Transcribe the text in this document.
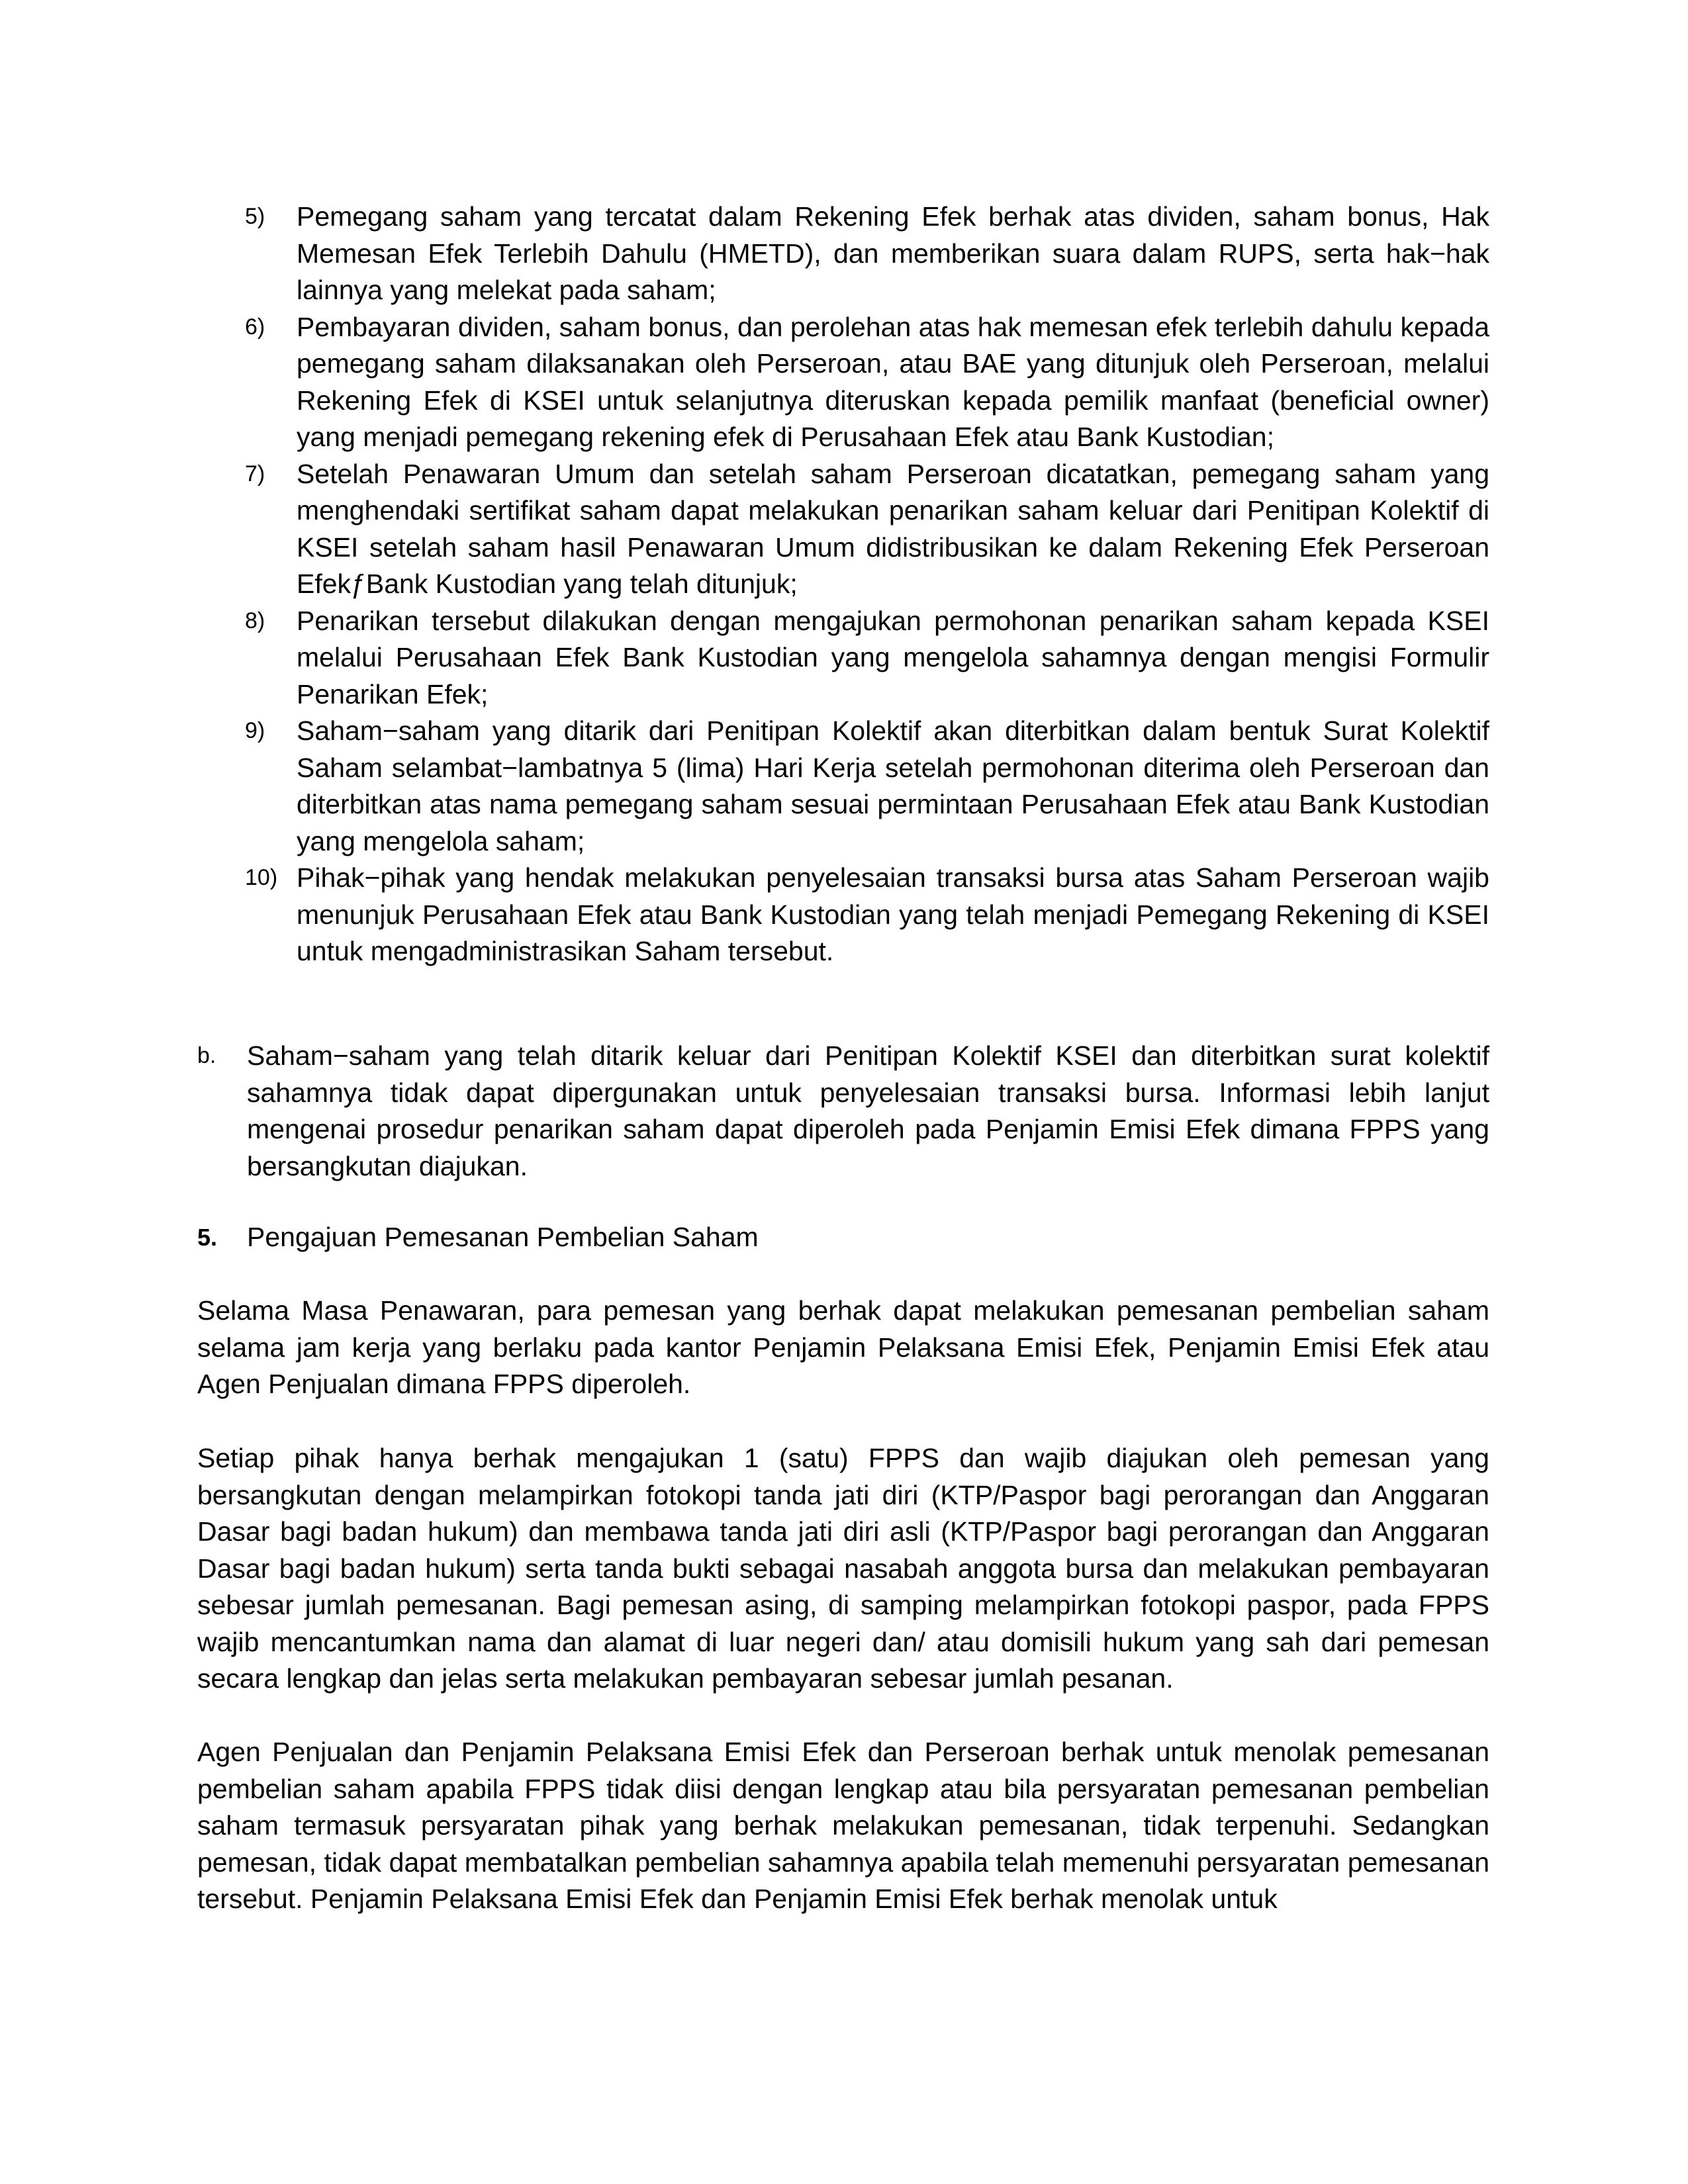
5) Pemegang saham yang tercatat dalam Rekening Efek berhak atas dividen, saham bonus, Hak Memesan Efek Terlebih Dahulu (HMETD), dan memberikan suara dalam RUPS, serta hak−hak lainnya yang melekat pada saham;
6) Pembayaran dividen, saham bonus, dan perolehan atas hak memesan efek terlebih dahulu kepada pemegang saham dilaksanakan oleh Perseroan, atau BAE yang ditunjuk oleh Perseroan, melalui Rekening Efek di KSEI untuk selanjutnya diteruskan kepada pemilik manfaat (beneficial owner) yang menjadi pemegang rekening efek di Perusahaan Efek atau Bank Kustodian;
7) Setelah Penawaran Umum dan setelah saham Perseroan dicatatkan, pemegang saham yang menghendaki sertifikat saham dapat melakukan penarikan saham keluar dari Penitipan Kolektif di KSEI setelah saham hasil Penawaran Umum didistribusikan ke dalam Rekening Efek Perseroan EfekƒBank Kustodian yang telah ditunjuk;
8) Penarikan tersebut dilakukan dengan mengajukan permohonan penarikan saham kepada KSEI melalui Perusahaan Efek Bank Kustodian yang mengelola sahamnya dengan mengisi Formulir Penarikan Efek;
9) Saham−saham yang ditarik dari Penitipan Kolektif akan diterbitkan dalam bentuk Surat Kolektif Saham selambat−lambatnya 5 (lima) Hari Kerja setelah permohonan diterima oleh Perseroan dan diterbitkan atas nama pemegang saham sesuai permintaan Perusahaan Efek atau Bank Kustodian yang mengelola saham;
10) Pihak−pihak yang hendak melakukan penyelesaian transaksi bursa atas Saham Perseroan wajib menunjuk Perusahaan Efek atau Bank Kustodian yang telah menjadi Pemegang Rekening di KSEI untuk mengadministrasikan Saham tersebut.
b. Saham−saham yang telah ditarik keluar dari Penitipan Kolektif KSEI dan diterbitkan surat kolektif sahamnya tidak dapat dipergunakan untuk penyelesaian transaksi bursa. Informasi lebih lanjut mengenai prosedur penarikan saham dapat diperoleh pada Penjamin Emisi Efek dimana FPPS yang bersangkutan diajukan.
5. Pengajuan Pemesanan Pembelian Saham
Selama Masa Penawaran, para pemesan yang berhak dapat melakukan pemesanan pembelian saham selama jam kerja yang berlaku pada kantor Penjamin Pelaksana Emisi Efek, Penjamin Emisi Efek atau Agen Penjualan dimana FPPS diperoleh.
Setiap pihak hanya berhak mengajukan 1 (satu) FPPS dan wajib diajukan oleh pemesan yang bersangkutan dengan melampirkan fotokopi tanda jati diri (KTP/Paspor bagi perorangan dan Anggaran Dasar bagi badan hukum) dan membawa tanda jati diri asli (KTP/Paspor bagi perorangan dan Anggaran Dasar bagi badan hukum) serta tanda bukti sebagai nasabah anggota bursa dan melakukan pembayaran sebesar jumlah pemesanan. Bagi pemesan asing, di samping melampirkan fotokopi paspor, pada FPPS wajib mencantumkan nama dan alamat di luar negeri dan/ atau domisili hukum yang sah dari pemesan secara lengkap dan jelas serta melakukan pembayaran sebesar jumlah pesanan.
Agen Penjualan dan Penjamin Pelaksana Emisi Efek dan Perseroan berhak untuk menolak pemesanan pembelian saham apabila FPPS tidak diisi dengan lengkap atau bila persyaratan pemesanan pembelian saham termasuk persyaratan pihak yang berhak melakukan pemesanan, tidak terpenuhi. Sedangkan pemesan, tidak dapat membatalkan pembelian sahamnya apabila telah memenuhi persyaratan pemesanan tersebut. Penjamin Pelaksana Emisi Efek dan Penjamin Emisi Efek berhak menolak untuk
